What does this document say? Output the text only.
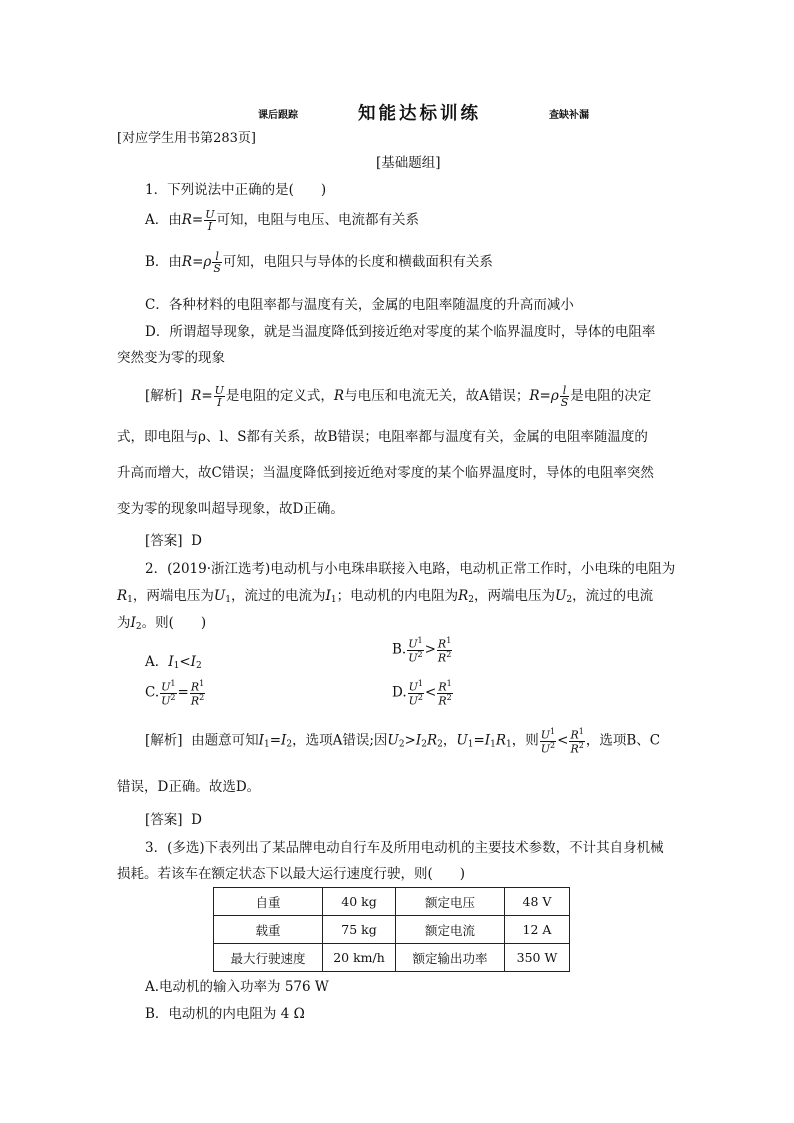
课后跟踪	知能达标训练	查缺补漏
[对应学生用书第283页]
[基础题组]
1．下列说法中正确的是(　　)
A．由$R= \frac{U}{I}$ 可知，电阻与电压、电流都有关系
B．由$R=\rho \frac{l}{S}$ 可知，电阻只与导体的长度和横截面积有关系
C．各种材料的电阻率都与温度有关，金属的电阻率随温度的升高而减小
D．所谓超导现象，就是当温度降低到接近绝对零度的某个临界温度时，导体的电阻率
突然变为零的现象
[解析] $R= \frac{U}{I}$ 是电阻的定义式，R与电压和电流无关，故A错误；$R=\rho \frac{l}{S}$ 是电阻的决定
式，即电阻与ρ、l、S都有关系，故B错误；电阻率都与温度有关，金属的电阻率随温度的
升高而增大，故C错误；当温度降低到接近绝对零度的某个临界温度时，导体的电阻率突然
变为零的现象叫超导现象，故D正确。
[答案] D
2．(2019·浙江选考)电动机与小电珠串联接入电路，电动机正常工作时，小电珠的电阻为
$R_1$，两端电压为$U_1$，流过的电流为$I_1$；电动机的内电阻为$R_2$，两端电压为$U_2$，流过的电流
为$I_2$。则(　　)
A．$I_1<I_2$
B. $\frac{U^1}{U^2} > \frac{R^1}{R^2}$
C. $\frac{U^1}{U^2} = \frac{R^1}{R^2}$	D. $\frac{U^1}{U^2} < \frac{R^1}{R^2}$
[解析] 由题意可知$I_1=I_2$，选项A错误;因$U_2>I_2R_2$，$U_1=I_1R_1$，则 $\frac{U^1}{U^2} < \frac{R^1}{R^2}$ ，选项B、C
错误，D正确。故选D。
[答案] D
3．(多选)下表列出了某品牌电动自行车及所用电动机的主要技术参数，不计其自身机械
损耗。若该车在额定状态下以最大运行速度行驶，则(　　)
自重	40 kg	额定电压	48 V
载重	75 kg	额定电流	12 A
最大行驶速度	20 km/h	额定输出功率	350 W
A.电动机的输入功率为 576 W
B．电动机的内电阻为 4 Ω
